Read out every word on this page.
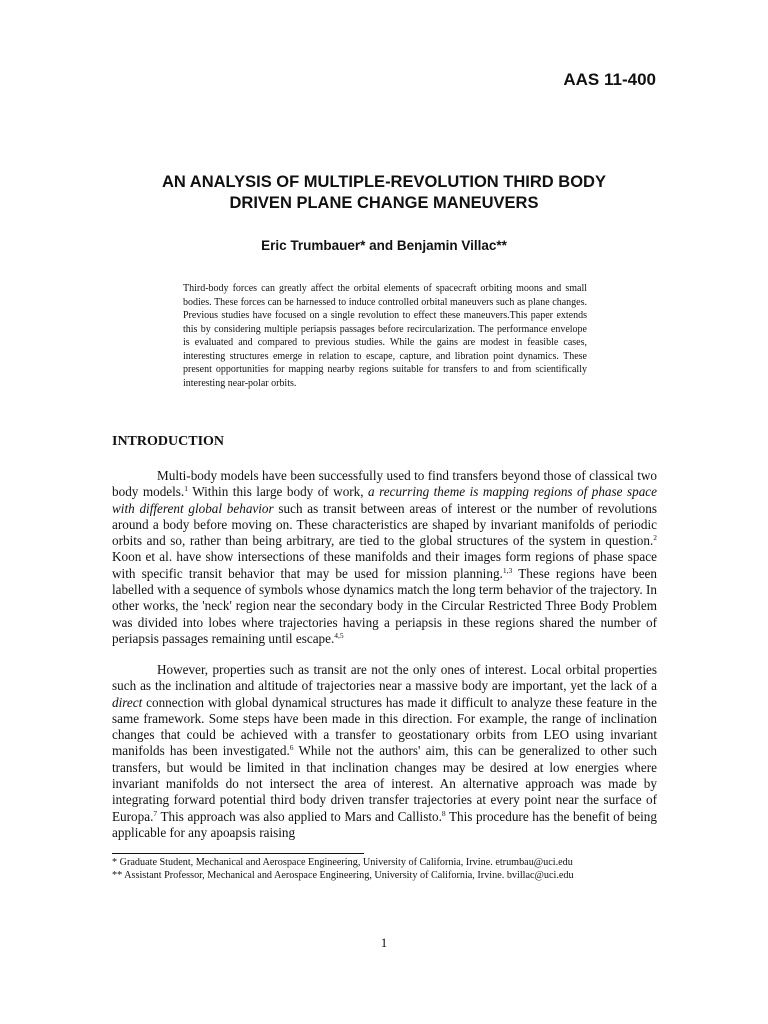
AAS 11-400

AN ANALYSIS OF MULTIPLE-REVOLUTION THIRD BODY
DRIVEN PLANE CHANGE MANEUVERS

Eric Trumbauer* and Benjamin Villac**

Third-body forces can greatly affect the orbital elements of spacecraft orbiting moons and small bodies. These forces can be harnessed to induce controlled orbital maneuvers such as plane changes. Previous studies have focused on a single revolution to effect these maneuvers.This paper extends this by considering multiple periapsis passages before recircularization. The performance envelope is evaluated and compared to previous studies. While the gains are modest in feasible cases, interesting structures emerge in relation to escape, capture, and libration point dynamics. These present opportunities for mapping nearby regions suitable for transfers to and from scientifically interesting near-polar orbits.

INTRODUCTION

Multi-body models have been successfully used to find transfers beyond those of classical two body models.$^1$ Within this large body of work, a recurring theme is mapping regions of phase space with different global behavior such as transit between areas of interest or the number of revolutions around a body before moving on. These characteristics are shaped by invariant manifolds of periodic orbits and so, rather than being arbitrary, are tied to the global structures of the system in question.$^2$ Koon et al. have show intersections of these manifolds and their images form regions of phase space with specific transit behavior that may be used for mission planning.$^{1,3}$ These regions have been labelled with a sequence of symbols whose dynamics match the long term behavior of the trajectory. In other works, the 'neck' region near the secondary body in the Circular Restricted Three Body Problem was divided into lobes where trajectories having a periapsis in these regions shared the number of periapsis passages remaining until escape.$^{4,5}$

However, properties such as transit are not the only ones of interest. Local orbital properties such as the inclination and altitude of trajectories near a massive body are important, yet the lack of a direct connection with global dynamical structures has made it difficult to analyze these feature in the same framework. Some steps have been made in this direction. For example, the range of inclination changes that could be achieved with a transfer to geostationary orbits from LEO using invariant manifolds has been investigated.$^6$ While not the authors' aim, this can be generalized to other such transfers, but would be limited in that inclination changes may be desired at low energies where invariant manifolds do not intersect the area of interest. An alternative approach was made by integrating forward potential third body driven transfer trajectories at every point near the surface of Europa.$^7$ This approach was also applied to Mars and Callisto.$^8$ This procedure has the benefit of being applicable for any apoapsis raising

* Graduate Student, Mechanical and Aerospace Engineering, University of California, Irvine. etrumbau@uci.edu
** Assistant Professor, Mechanical and Aerospace Engineering, University of California, Irvine. bvillac@uci.edu

1
